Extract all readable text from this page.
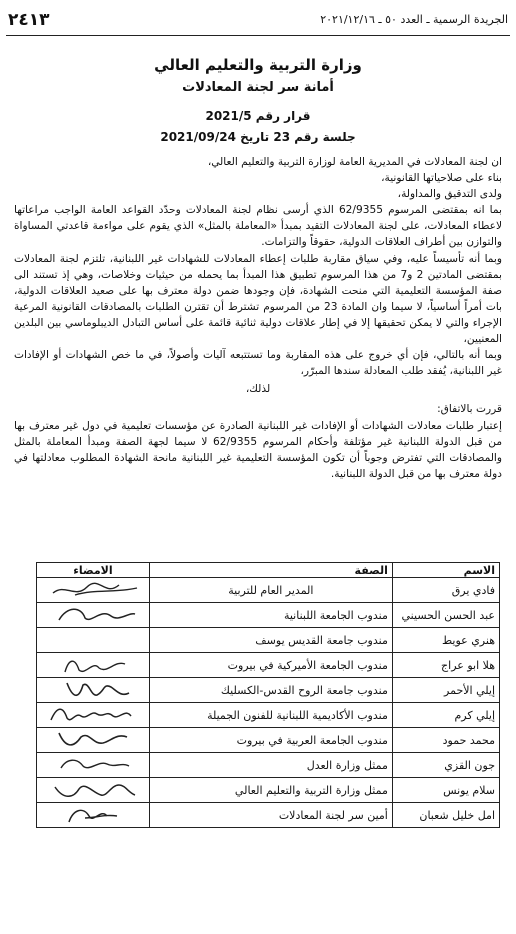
٢٤١٣	الجريدة الرسمية ـ العدد ٥٠ ـ ٢٠٢١/١٢/١٦
وزارة التربية والتعليم العالي
أمانة سر لجنة المعادلات
قرار رقم 2021/5
جلسة رقم 23 تاريخ 2021/09/24

ان لجنة المعادلات في المديرية العامة لوزارة التربية والتعليم العالي،

بناء على صلاحياتها القانونية،

ولدى التدقيق والمداولة،

بما انه بمقتضى المرسوم 62/9355 الذي أرسى نظام لجنة المعادلات وحدّد القواعد العامة الواجب مراعاتها لاعطاء المعادلات، على لجنة المعادلات التقيد بمبدأ «المعاملة بالمثل» الذي يقوم على مواءمة قاعدتي المساواة والتوازن بين أطراف العلاقات الدولية، حقوقاً والتزامات.

وبما أنه تأسيساً عليه، وفي سياق مقاربة طلبات إعطاء المعادلات للشهادات غير اللبنانية، تلتزم لجنة المعادلات بمقتضى المادتين 2 و7 من هذا المرسوم تطبيق هذا المبدأ بما يحمله من حيثيات وخلاصات، وهي إذ تستند الى صفة المؤسسة التعليمية التي منحت الشهادة، فإن وجودها ضمن دولة معترف بها على صعيد العلاقات الدولية، بات أمراً أساسياً، لا سيما وان المادة 23 من المرسوم تشترط أن تقترن الطلبات بالمصادقات القانونية المرعية الإجراء والتي لا يمكن تحقيقها إلا في إطار علاقات دولية ثنائية قائمة على أساس التبادل الديبلوماسي بين البلدين المعنيين،

وبما أنه بالتالي، فإن أي خروج على هذه المقاربة وما تستتبعه آليات وأصولاً، في ما خص الشهادات أو الإفادات غير اللبنانية، يُفقد طلب المعادلة سندها المبرّر،

لذلك،

قررت بالاتفاق:

إعتبار طلبات معادلات الشهادات أو الإفادات غير اللبنانية الصادرة عن مؤسسات تعليمية في دول غير معترف بها من قبل الدولة اللبنانية غير مؤتلفة وأحكام المرسوم 62/9355 لا سيما لجهة الصفة ومبدأ المعاملة بالمثل والمصادقات التي تفترض وجوباً أن تكون المؤسسة التعليمية غير اللبنانية مانحة الشهادة المطلوب معادلتها في دولة معترف بها من قبل الدولة اللبنانية.

الاسم	الصفة	الامضاء
فادي يرق	المدير العام للتربية	

عبد الحسن الحسيني	مندوب الجامعة اللبنانية	

هنري عويط	مندوب جامعة القديس يوسف	
هلا ابو عراج	مندوب الجامعة الأميركية في بيروت	

إيلي الأحمر	مندوب جامعة الروح القدس-الكسليك	

إيلي كرم	مندوب الأكاديمية اللبنانية للفنون الجميلة	

محمد حمود	مندوب الجامعة العربية في بيروت	

جون القزي	ممثل وزارة العدل	

سلام يونس	ممثل وزارة التربية والتعليم العالي	

امل خليل شعبان	أمين سر لجنة المعادلات	
